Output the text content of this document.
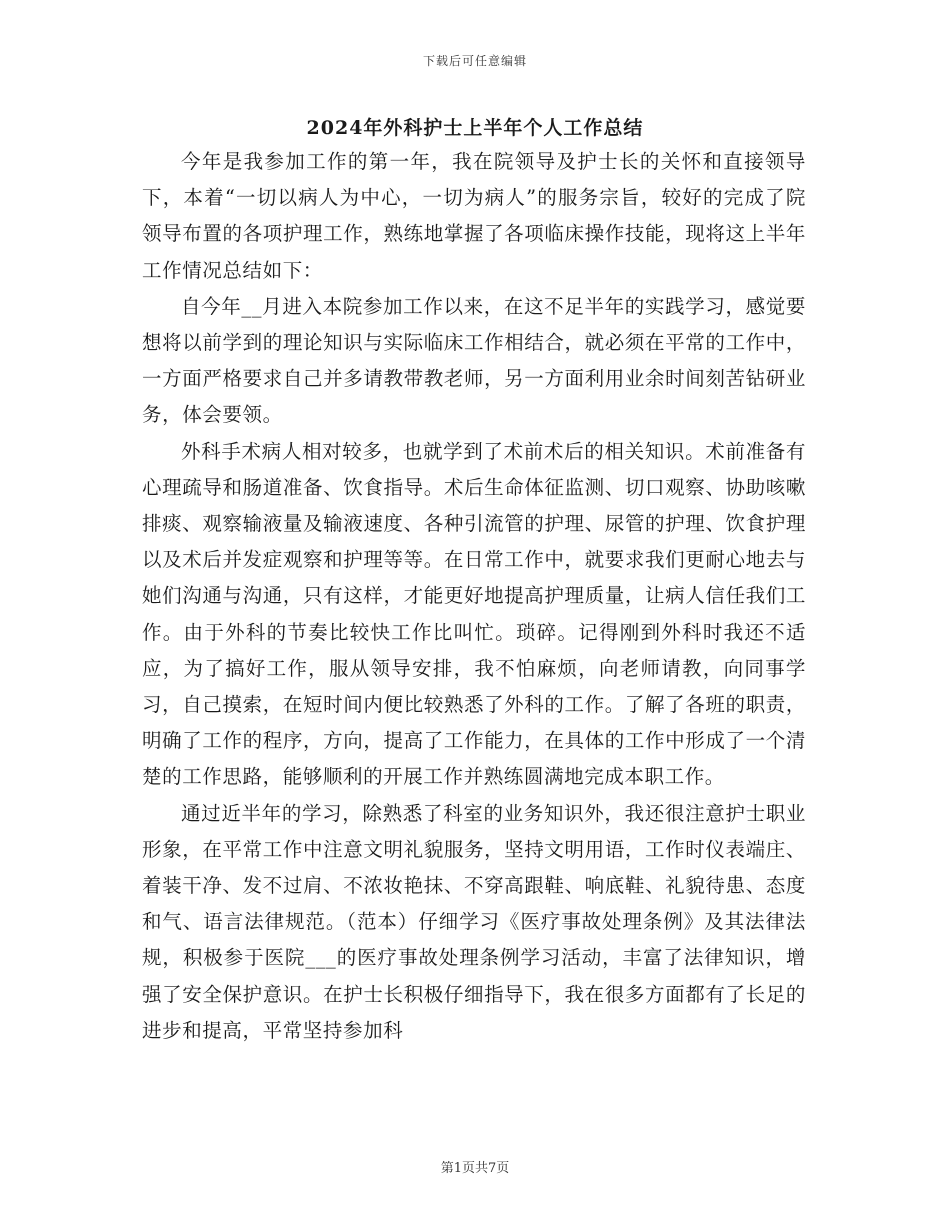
下载后可任意编辑
2024年外科护士上半年个人工作总结

今年是我参加工作的第一年，我在院领导及护士长的关怀和直接领导下，本着“一切以病人为中心，一切为病人”的服务宗旨，较好的完成了院领导布置的各项护理工作，熟练地掌握了各项临床操作技能，现将这上半年工作情况总结如下：

自今年__月进入本院参加工作以来，在这不足半年的实践学习，感觉要想将以前学到的理论知识与实际临床工作相结合，就必须在平常的工作中，一方面严格要求自己并多请教带教老师，另一方面利用业余时间刻苦钻研业务，体会要领。

外科手术病人相对较多，也就学到了术前术后的相关知识。术前准备有心理疏导和肠道准备、饮食指导。术后生命体征监测、切口观察、协助咳嗽排痰、观察输液量及输液速度、各种引流管的护理、尿管的护理、饮食护理以及术后并发症观察和护理等等。在日常工作中，就要求我们更耐心地去与她们沟通与沟通，只有这样，才能更好地提高护理质量，让病人信任我们工作。由于外科的节奏比较快工作比叫忙。琐碎。记得刚到外科时我还不适应，为了搞好工作，服从领导安排，我不怕麻烦，向老师请教，向同事学习，自己摸索，在短时间内便比较熟悉了外科的工作。了解了各班的职责，明确了工作的程序，方向，提高了工作能力，在具体的工作中形成了一个清楚的工作思路，能够顺利的开展工作并熟练圆满地完成本职工作。

通过近半年的学习，除熟悉了科室的业务知识外，我还很注意护士职业形象，在平常工作中注意文明礼貌服务，坚持文明用语，工作时仪表端庄、着装干净、发不过肩、不浓妆艳抹、不穿高跟鞋、响底鞋、礼貌待患、态度和气、语言法律规范。（范本）仔细学习《医疗事故处理条例》及其法律法规，积极参于医院___的医疗事故处理条例学习活动，丰富了法律知识，增强了安全保护意识。在护士长积极仔细指导下，我在很多方面都有了长足的进步和提高，平常坚持参加科

第1页共7页
